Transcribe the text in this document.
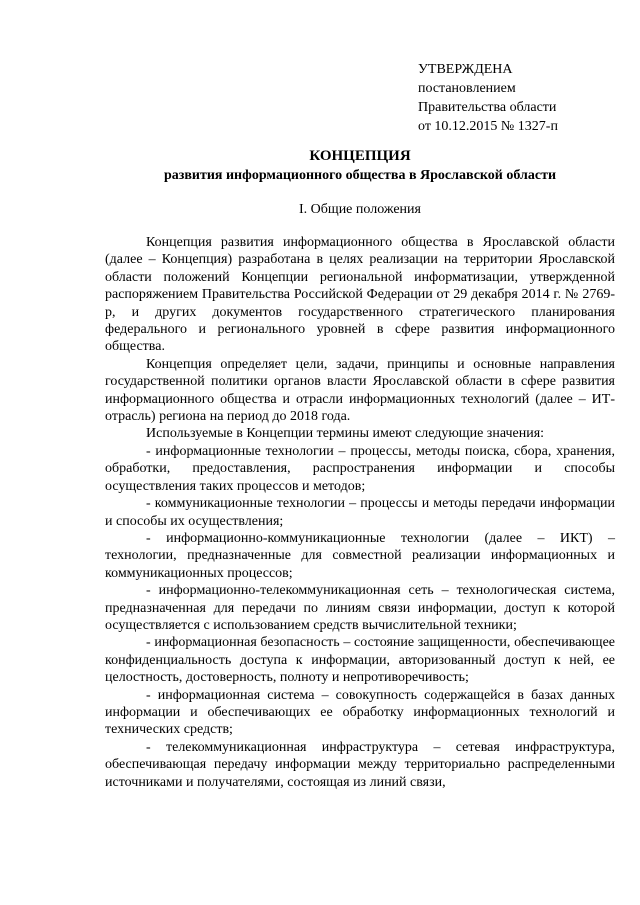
УТВЕРЖДЕНА
постановлением
Правительства области
от 10.12.2015 № 1327-п
КОНЦЕПЦИЯ
развития информационного общества в Ярославской области
I. Общие положения

Концепция развития информационного общества в Ярославской области (далее – Концепция) разработана в целях реализации на территории Ярославской области положений Концепции региональной информатизации, утвержденной распоряжением Правительства Российской Федерации от 29 декабря 2014 г. № 2769-р, и других документов государственного стратегического планирования федерального и регионального уровней в сфере развития информационного общества.

Концепция определяет цели, задачи, принципы и основные направления государственной политики органов власти Ярославской области в сфере развития информационного общества и отрасли информационных технологий (далее – ИТ-отрасль) региона на период до 2018 года.

Используемые в Концепции термины имеют следующие значения:

- информационные технологии – процессы, методы поиска, сбора, хранения, обработки, предоставления, распространения информации и способы осуществления таких процессов и методов;

- коммуникационные технологии – процессы и методы передачи информации и способы их осуществления;

- информационно-коммуникационные технологии (далее – ИКТ) – технологии, предназначенные для совместной реализации информационных и коммуникационных процессов;

- информационно-телекоммуникационная сеть – технологическая система, предназначенная для передачи по линиям связи информации, доступ к которой осуществляется с использованием средств вычислительной техники;

- информационная безопасность – состояние защищенности, обеспечивающее конфиденциальность доступа к информации, авторизованный доступ к ней, ее целостность, достоверность, полноту и непротиворечивость;

- информационная система – совокупность содержащейся в базах данных информации и обеспечивающих ее обработку информационных технологий и технических средств;

- телекоммуникационная инфраструктура – сетевая инфраструктура, обеспечивающая передачу информации между территориально распределенными источниками и получателями, состоящая из линий связи,
